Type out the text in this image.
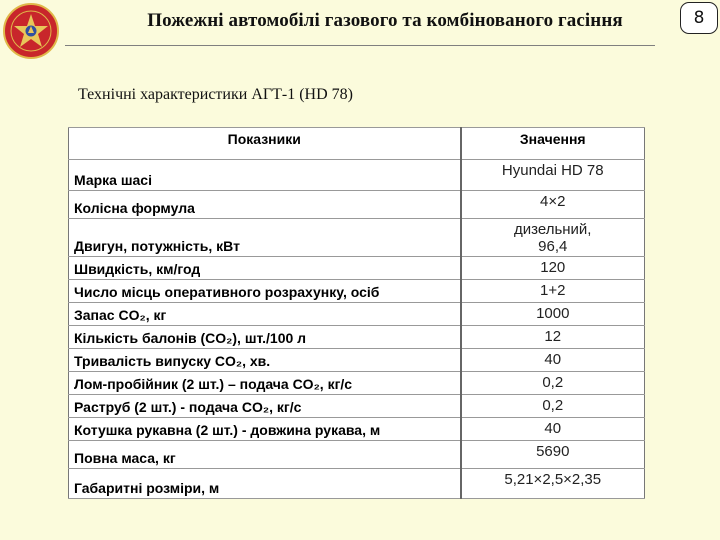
Пожежні автомобілі газового та комбінованого гасіння	8
Технічні характеристики АГТ-1 (HD 78)
Показники	Значення
Марка шасі	Hyundai HD 78
Колісна формула	4×2
Двигун, потужність, кВт	дизельний,
96,4
Швидкість, км/год	120
Число місць оперативного розрахунку, осіб	1+2
Запас CO₂, кг	1000
Кількість балонів (CO₂), шт./100 л	12
Тривалість випуску CO₂, хв.	40
Лом-пробійник (2 шт.) – подача CO₂, кг/с	0,2
Раструб (2 шт.) - подача CO₂, кг/с	0,2
Котушка рукавна (2 шт.) - довжина рукава, м	40
Повна маса, кг	5690
Габаритні розміри, м	5,21×2,5×2,35
